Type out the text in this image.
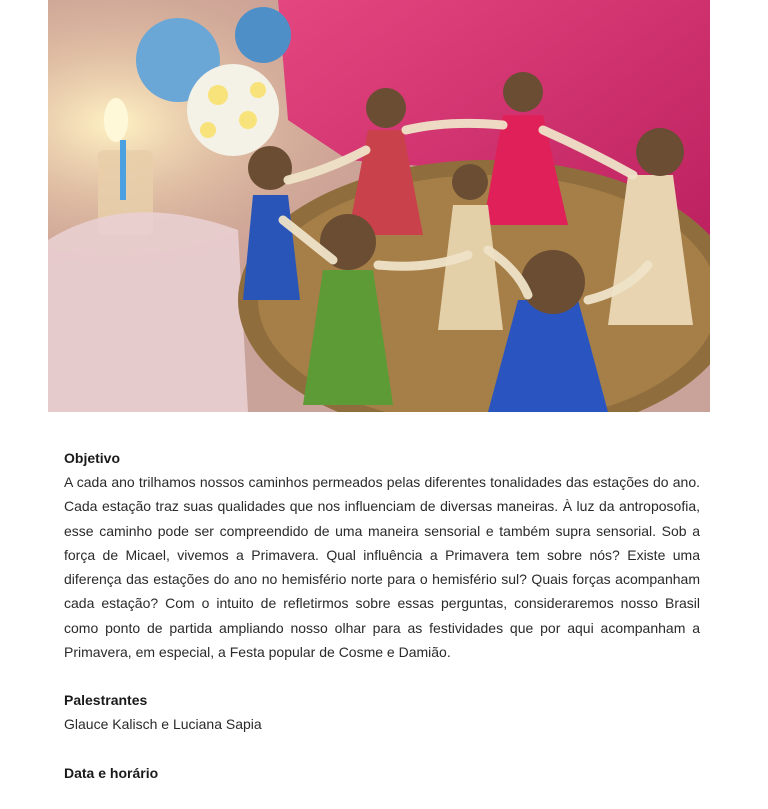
Objetivo

A cada ano trilhamos nossos caminhos permeados pelas diferentes tonalidades das estações do ano. Cada estação traz suas qualidades que nos influenciam de diversas maneiras. À luz da antroposofia, esse caminho pode ser compreendido de uma maneira sensorial e também supra sensorial. Sob a força de Micael, vivemos a Primavera. Qual influência a Primavera tem sobre nós? Existe uma diferença das estações do ano no hemisfério norte para o hemisfério sul? Quais forças acompanham cada estação? Com o intuito de refletirmos sobre essas perguntas, consideraremos nosso Brasil como ponto de partida ampliando nosso olhar para as festividades que por aqui acompanham a Primavera, em especial, a Festa popular de Cosme e Damião.

Palestrantes

Glauce Kalisch e Luciana Sapia

Data e horário
